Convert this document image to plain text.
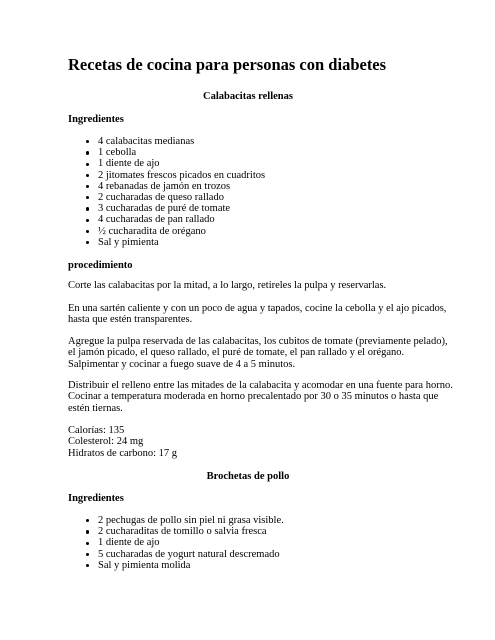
Recetas de cocina para personas con diabetes
Calabacitas rellenas
Ingredientes
4 calabacitas medianas
1 cebolla
1 diente de ajo
2 jitomates frescos picados en cuadritos
4 rebanadas de jamón en trozos
2 cucharadas de queso rallado
3 cucharadas de puré de tomate
4 cucharadas de pan rallado
½ cucharadita de orégano
Sal y pimienta
procedimiento
Corte las calabacitas por la mitad, a lo largo, retireles la pulpa y reservarlas.
En una sartén caliente y con un poco de agua y tapados, cocine la cebolla y el ajo picados,
hasta que estén transparentes.
Agregue la pulpa reservada de las calabacitas, los cubitos de tomate (previamente pelado),
el jamón picado, el queso rallado, el puré de tomate, el pan rallado y el orégano.
Salpimentar y cocinar a fuego suave de 4 a 5 minutos.
Distribuir el relleno entre las mitades de la calabacita y acomodar en una fuente para horno.
Cocinar a temperatura moderada en horno precalentado por 30 o 35 minutos o hasta que
estén tiernas.
Calorías: 135
Colesterol: 24 mg
Hidratos de carbono: 17 g
Brochetas de pollo
Ingredientes
2 pechugas de pollo sin piel ni grasa visible.
2 cucharaditas de tomillo o salvia fresca
1 diente de ajo
5 cucharadas de yogurt natural descremado
Sal y pimienta molida
